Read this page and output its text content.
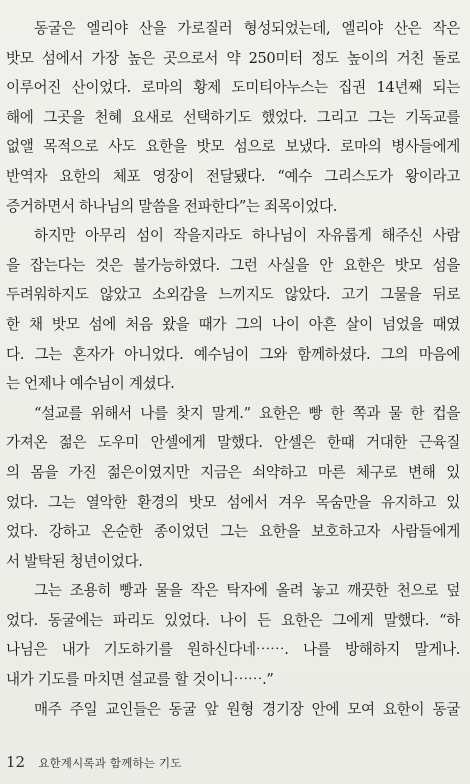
동굴은 엘리야 산을 가로질러 형성되었는데, 엘리야 산은 작은
밧모 섬에서 가장 높은 곳으로서 약 250미터 정도 높이의 거친 돌로
이루어진 산이었다. 로마의 황제 도미티아누스는 집권 14년째 되는
해에 그곳을 천혜 요새로 선택하기도 했었다. 그리고 그는 기독교를
없앨 목적으로 사도 요한을 밧모 섬으로 보냈다. 로마의 병사들에게
반역자 요한의 체포 영장이 전달됐다. “예수 그리스도가 왕이라고
증거하면서 하나님의 말씀을 전파한다”는 죄목이었다.
하지만 아무리 섬이 작을지라도 하나님이 자유롭게 해주신 사람
을 잡는다는 것은 불가능하였다. 그런 사실을 안 요한은 밧모 섬을
두려워하지도 않았고 소외감을 느끼지도 않았다. 고기 그물을 뒤로
한 채 밧모 섬에 처음 왔을 때가 그의 나이 아흔 살이 넘었을 때였
다. 그는 혼자가 아니었다. 예수님이 그와 함께하셨다. 그의 마음에
는 언제나 예수님이 계셨다.
“설교를 위해서 나를 찾지 말게.” 요한은 빵 한 쪽과 물 한 컵을
가져온 젊은 도우미 안셀에게 말했다. 안셀은 한때 거대한 근육질
의 몸을 가진 젊은이였지만 지금은 쇠약하고 마른 체구로 변해 있
었다. 그는 열악한 환경의 밧모 섬에서 겨우 목숨만을 유지하고 있
었다. 강하고 온순한 종이었던 그는 요한을 보호하고자 사람들에게
서 발탁된 청년이었다.
그는 조용히 빵과 물을 작은 탁자에 올려 놓고 깨끗한 천으로 덮
었다. 동굴에는 파리도 있었다. 나이 든 요한은 그에게 말했다. “하
나님은 내가 기도하기를 원하신다네⋯⋯. 나를 방해하지 말게나.
내가 기도를 마치면 설교를 할 것이니⋯⋯.”
매주 주일 교인들은 동굴 앞 원형 경기장 안에 모여 요한이 동굴
12 요한계시록과 함께하는 기도
